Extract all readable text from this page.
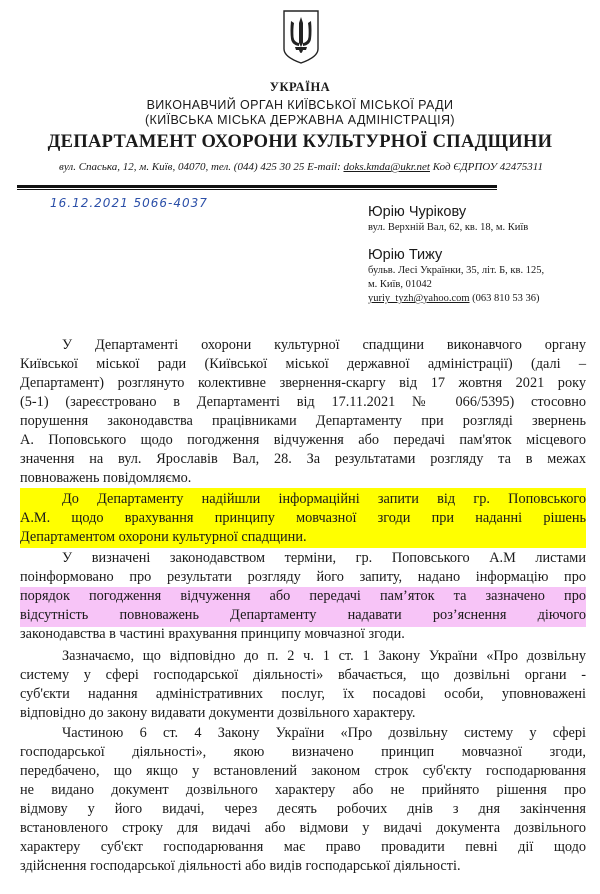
УКРАЇНА
ВИКОНАВЧИЙ ОРГАН КИЇВСЬКОЇ МІСЬКОЇ РАДИ
(КИЇВСЬКА МІСЬКА ДЕРЖАВНА АДМІНІСТРАЦІЯ)
ДЕПАРТАМЕНТ ОХОРОНИ КУЛЬТУРНОЇ СПАДЩИНИ
вул. Спаська, 12, м. Київ, 04070, тел. (044) 425 30 25 E-mail: doks.kmda@ukr.net Код ЄДРПОУ 42475311
16.12.2021 5066-4037
Юрію Чурікову
вул. Верхній Вал, 62, кв. 18, м. Київ
Юрію Тижу
бульв. Лесі Українки, 35, літ. Б, кв. 125,
м. Київ, 01042
yuriy_tyzh@yahoo.com (063 810 53 36)
У Департаменті охорони культурної спадщини виконавчого органу
Київської міської ради (Київської міської державної адміністрації) (далі –
Департамент) розглянуто колективне звернення-скаргу від 17 жовтня 2021 року
(5-1) (зареєстровано в Департаменті від 17.11.2021 № 066/5395) стосовно
порушення законодавства працівниками Департаменту при розгляді звернень
А. Поповського щодо погодження відчуження або передачі пам'яток місцевого
значення на вул. Ярославів Вал, 28. За результатами розгляду та в межах
повноважень повідомляємо.
До Департаменту надійшли інформаційні запити від гр. Поповського
А.М. щодо врахування принципу мовчазної згоди при наданні рішень
Департаментом охорони культурної спадщини.
У визначені законодавством терміни, гр. Поповського А.М листами
поінформовано про результати розгляду його запиту, надано інформацію про
порядок погодження відчуження або передачі пам’яток та зазначено про
відсутність повноважень Департаменту надавати роз’яснення діючого
законодавства в частині врахування принципу мовчазної згоди.
Зазначаємо, що відповідно до п. 2 ч. 1 ст. 1 Закону України «Про дозвільну
систему у сфері господарської діяльності» вбачається, що дозвільні органи -
суб'єкти надання адміністративних послуг, їх посадові особи, уповноважені
відповідно до закону видавати документи дозвільного характеру.
Частиною 6 ст. 4 Закону України «Про дозвільну систему у сфері
господарської діяльності», якою визначено принцип мовчазної згоди,
передбачено, що якщо у встановлений законом строк суб'єкту господарювання
не видано документ дозвільного характеру або не прийнято рішення про
відмову у його видачі, через десять робочих днів з дня закінчення
встановленого строку для видачі або відмови у видачі документа дозвільного
характеру суб'єкт господарювання має право провадити певні дії щодо
здійснення господарської діяльності або видів господарської діяльності.
